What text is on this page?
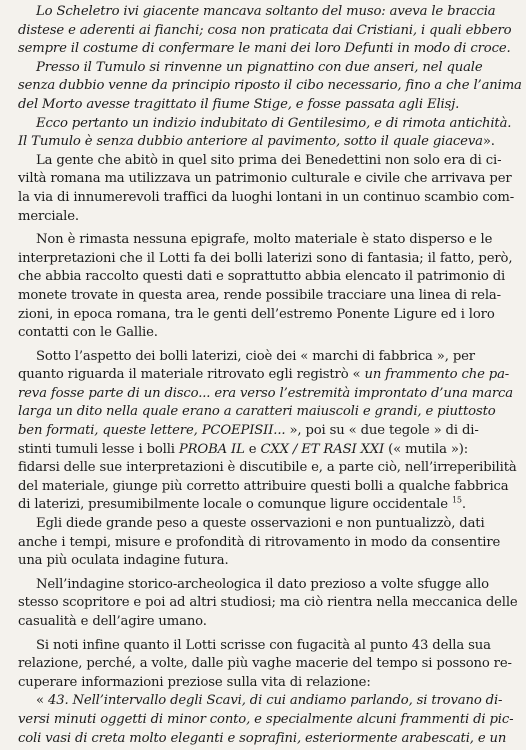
Lo Scheletro ivi giacente mancava soltanto del muso: aveva le braccia
distese e aderenti ai fianchi; cosa non praticata dai Cristiani, i quali ebbero
sempre il costume di confermare le mani dei loro Defunti in modo di croce.
Presso il Tumulo si rinvenne un pignattino con due anseri, nel quale
senza dubbio venne da principio riposto il cibo necessario, fino a che l’anima
del Morto avesse tragittato il fiume Stige, e fosse passata agli Elisj.
Ecco pertanto un indizio indubitato di Gentilesimo, e di rimota antichità.
Il Tumulo è senza dubbio anteriore al pavimento, sotto il quale giaceva».
La gente che abitò in quel sito prima dei Benedettini non solo era di ci-
viltà romana ma utilizzava un patrimonio culturale e civile che arrivava per
la via di innumerevoli traffici da luoghi lontani in un continuo scambio com-
merciale.
Non è rimasta nessuna epigrafe, molto materiale è stato disperso e le
interpretazioni che il Lotti fa dei bolli laterizi sono di fantasia; il fatto, però,
che abbia raccolto questi dati e soprattutto abbia elencato il patrimonio di
monete trovate in questa area, rende possibile tracciare una linea di rela-
zioni, in epoca romana, tra le genti dell’estremo Ponente Ligure ed i loro
contatti con le Gallie.
Sotto l’aspetto dei bolli laterizi, cioè dei « marchi di fabbrica », per
quanto riguarda il materiale ritrovato egli registrò « un frammento che pa-
reva fosse parte di un disco... era verso l’estremità improntato d’una marca
larga un dito nella quale erano a caratteri maiuscoli e grandi, e piuttosto
ben formati, queste lettere, PCOEPISII... », poi su « due tegole » di di-
stinti tumuli lesse i bolli PROBA IL e CXX / ET RASI XXI (« mutila »):
fidarsi delle sue interpretazioni è discutibile e, a parte ciò, nell’irreperibilità
del materiale, giunge più corretto attribuire questi bolli a qualche fabbrica
di laterizi, presumibilmente locale o comunque ligure occidentale $^{15}$.
Egli diede grande peso a queste osservazioni e non puntualizzò, dati
anche i tempi, misure e profondità di ritrovamento in modo da consentire
una più oculata indagine futura.
Nell’indagine storico-archeologica il dato prezioso a volte sfugge allo
stesso scopritore e poi ad altri studiosi; ma ciò rientra nella meccanica delle
casualità e dell’agire umano.
Si noti infine quanto il Lotti scrisse con fugacità al punto 43 della sua
relazione, perché, a volte, dalle più vaghe macerie del tempo si possono re-
cuperare informazioni preziose sulla vita di relazione:
« 43. Nell’intervallo degli Scavi, di cui andiamo parlando, si trovano di-
versi minuti oggetti di minor conto, e specialmente alcuni frammenti di pic-
coli vasi di creta molto eleganti e soprafini, esteriormente arabescati, e un
